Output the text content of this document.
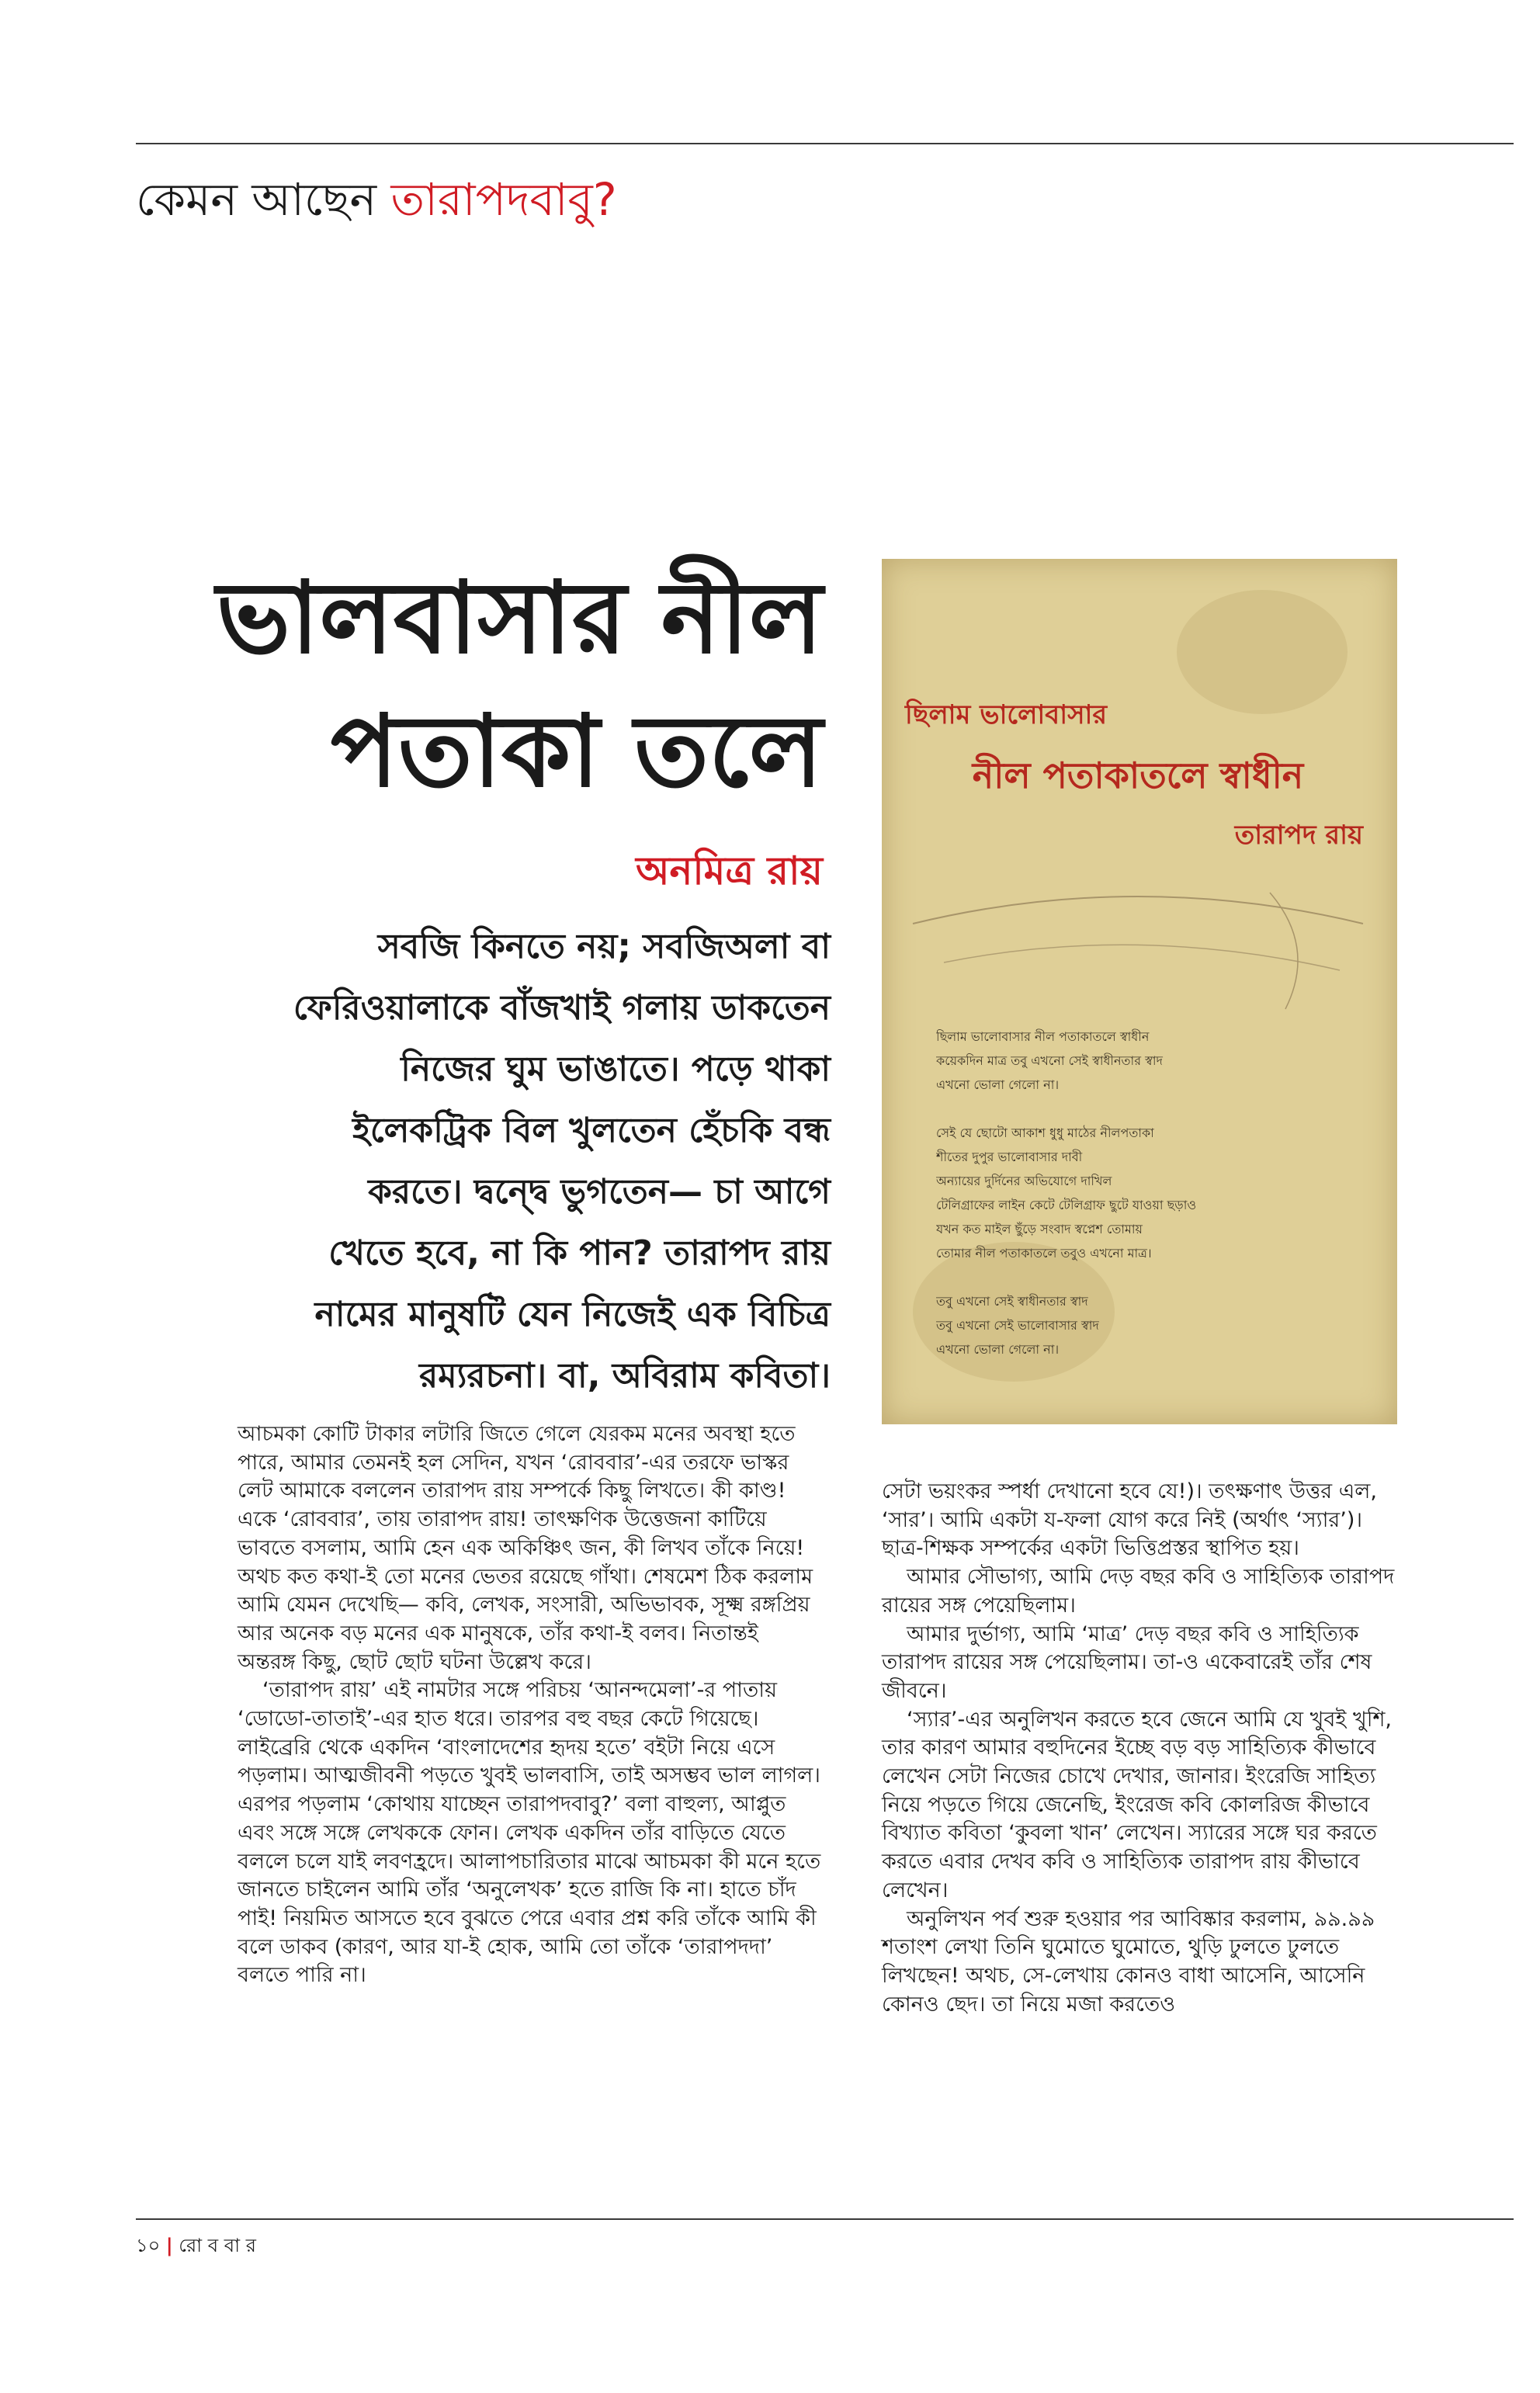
কেমন আছেন তারাপদবাবু?
ভালবাসার নীল
পতাকা তলে
অনমিত্র রায়
সবজি কিনতে নয়; সবজিঅলা বা
ফেরিওয়ালাকে বাঁজখাই গলায় ডাকতেন
নিজের ঘুম ভাঙাতে। পড়ে থাকা
ইলেকট্রিক বিল খুলতেন হেঁচকি বন্ধ
করতে। দ্বন্দ্বে ভুগতেন— চা আগে
খেতে হবে, না কি পান? তারাপদ রায়
নামের মানুষটি যেন নিজেই এক বিচিত্র
রম্যরচনা। বা, অবিরাম কবিতা।
ছিলাম ভালোবাসার
নীল পতাকাতলে স্বাধীন
তারাপদ রায়
ছিলাম ভালোবাসার নীল পতাকাতলে স্বাধীন
কয়েকদিন মাত্র তবু এখনো সেই স্বাধীনতার স্বাদ
এখনো ভোলা গেলো না।
সেই যে ছোটো আকাশ ধুধু মাঠের নীলপতাকা
শীতের দুপুর ভালোবাসার দাবী
অন্যায়ের দুর্দিনের অভিযোগে দাখিল
টেলিগ্রাফের লাইন কেটে টেলিগ্রাফ ছুটে যাওয়া ছড়াও
যখন কত মাইল ছুঁড়ে সংবাদ স্বপ্নেশ তোমায়
তোমার নীল পতাকাতলে তবুও এখনো মাত্র।
তবু এখনো সেই স্বাধীনতার স্বাদ
তবু এখনো সেই ভালোবাসার স্বাদ
এখনো ভোলা গেলো না।

আচমকা কোটি টাকার লটারি জিতে গেলে যেরকম মনের অবস্থা হতে পারে, আমার তেমনই হল সেদিন, যখন ‘রোববার’-এর তরফে ভাস্কর লেট আমাকে বললেন তারাপদ রায় সম্পর্কে কিছু লিখতে। কী কাণ্ড! একে ‘রোববার’, তায় তারাপদ রায়! তাৎক্ষণিক উত্তেজনা কাটিয়ে ভাবতে বসলাম, আমি হেন এক অকিঞ্চিৎ জন, কী লিখব তাঁকে নিয়ে! অথচ কত কথা-ই তো মনের ভেতর রয়েছে গাঁথা। শেষমেশ ঠিক করলাম আমি যেমন দেখেছি— কবি, লেখক, সংসারী, অভিভাবক, সূক্ষ্ম রঙ্গপ্রিয় আর অনেক বড় মনের এক মানুষকে, তাঁর কথা-ই বলব। নিতান্তই অন্তরঙ্গ কিছু, ছোট ছোট ঘটনা উল্লেখ করে।

‘তারাপদ রায়’ এই নামটার সঙ্গে পরিচয় ‘আনন্দমেলা’-র পাতায় ‘ডোডো-তাতাই’-এর হাত ধরে। তারপর বহু বছর কেটে গিয়েছে। লাইব্রেরি থেকে একদিন ‘বাংলাদেশের হৃদয় হতে’ বইটা নিয়ে এসে পড়লাম। আত্মজীবনী পড়তে খুবই ভালবাসি, তাই অসম্ভব ভাল লাগল। এরপর পড়লাম ‘কোথায় যাচ্ছেন তারাপদবাবু?’ বলা বাহুল্য, আপ্লুত এবং সঙ্গে সঙ্গে লেখককে ফোন। লেখক একদিন তাঁর বাড়িতে যেতে বললে চলে যাই লবণহ্রদে। আলাপচারিতার মাঝে আচমকা কী মনে হতে জানতে চাইলেন আমি তাঁর ‘অনুলেখক’ হতে রাজি কি না। হাতে চাঁদ পাই! নিয়মিত আসতে হবে বুঝতে পেরে এবার প্রশ্ন করি তাঁকে আমি কী বলে ডাকব (কারণ, আর যা-ই হোক, আমি তো তাঁকে ‘তারাপদদা’ বলতে পারি না।

সেটা ভয়ংকর স্পর্ধা দেখানো হবে যে!)। তৎক্ষণাৎ উত্তর এল, ‘সার’। আমি একটা য-ফলা যোগ করে নিই (অর্থাৎ ‘স্যার’)। ছাত্র-শিক্ষক সম্পর্কের একটা ভিত্তিপ্রস্তর স্থাপিত হয়।

আমার সৌভাগ্য, আমি দেড় বছর কবি ও সাহিত্যিক তারাপদ রায়ের সঙ্গ পেয়েছিলাম।

আমার দুর্ভাগ্য, আমি ‘মাত্র’ দেড় বছর কবি ও সাহিত্যিক তারাপদ রায়ের সঙ্গ পেয়েছিলাম। তা-ও একেবারেই তাঁর শেষ জীবনে।

‘স্যার’-এর অনুলিখন করতে হবে জেনে আমি যে খুবই খুশি, তার কারণ আমার বহুদিনের ইচ্ছে বড় বড় সাহিত্যিক কীভাবে লেখেন সেটা নিজের চোখে দেখার, জানার। ইংরেজি সাহিত্য নিয়ে পড়তে গিয়ে জেনেছি, ইংরেজ কবি কোলরিজ কীভাবে বিখ্যাত কবিতা ‘কুবলা খান’ লেখেন। স্যারের সঙ্গে ঘর করতে করতে এবার দেখব কবি ও সাহিত্যিক তারাপদ রায় কীভাবে লেখেন।

অনুলিখন পর্ব শুরু হওয়ার পর আবিষ্কার করলাম, ৯৯.৯৯ শতাংশ লেখা তিনি ঘুমোতে ঘুমোতে, থুড়ি ঢুলতে ঢুলতে লিখছেন! অথচ, সে-লেখায় কোনও বাধা আসেনি, আসেনি কোনও ছেদ। তা নিয়ে মজা করতেও

১০ | রো ব বা র
